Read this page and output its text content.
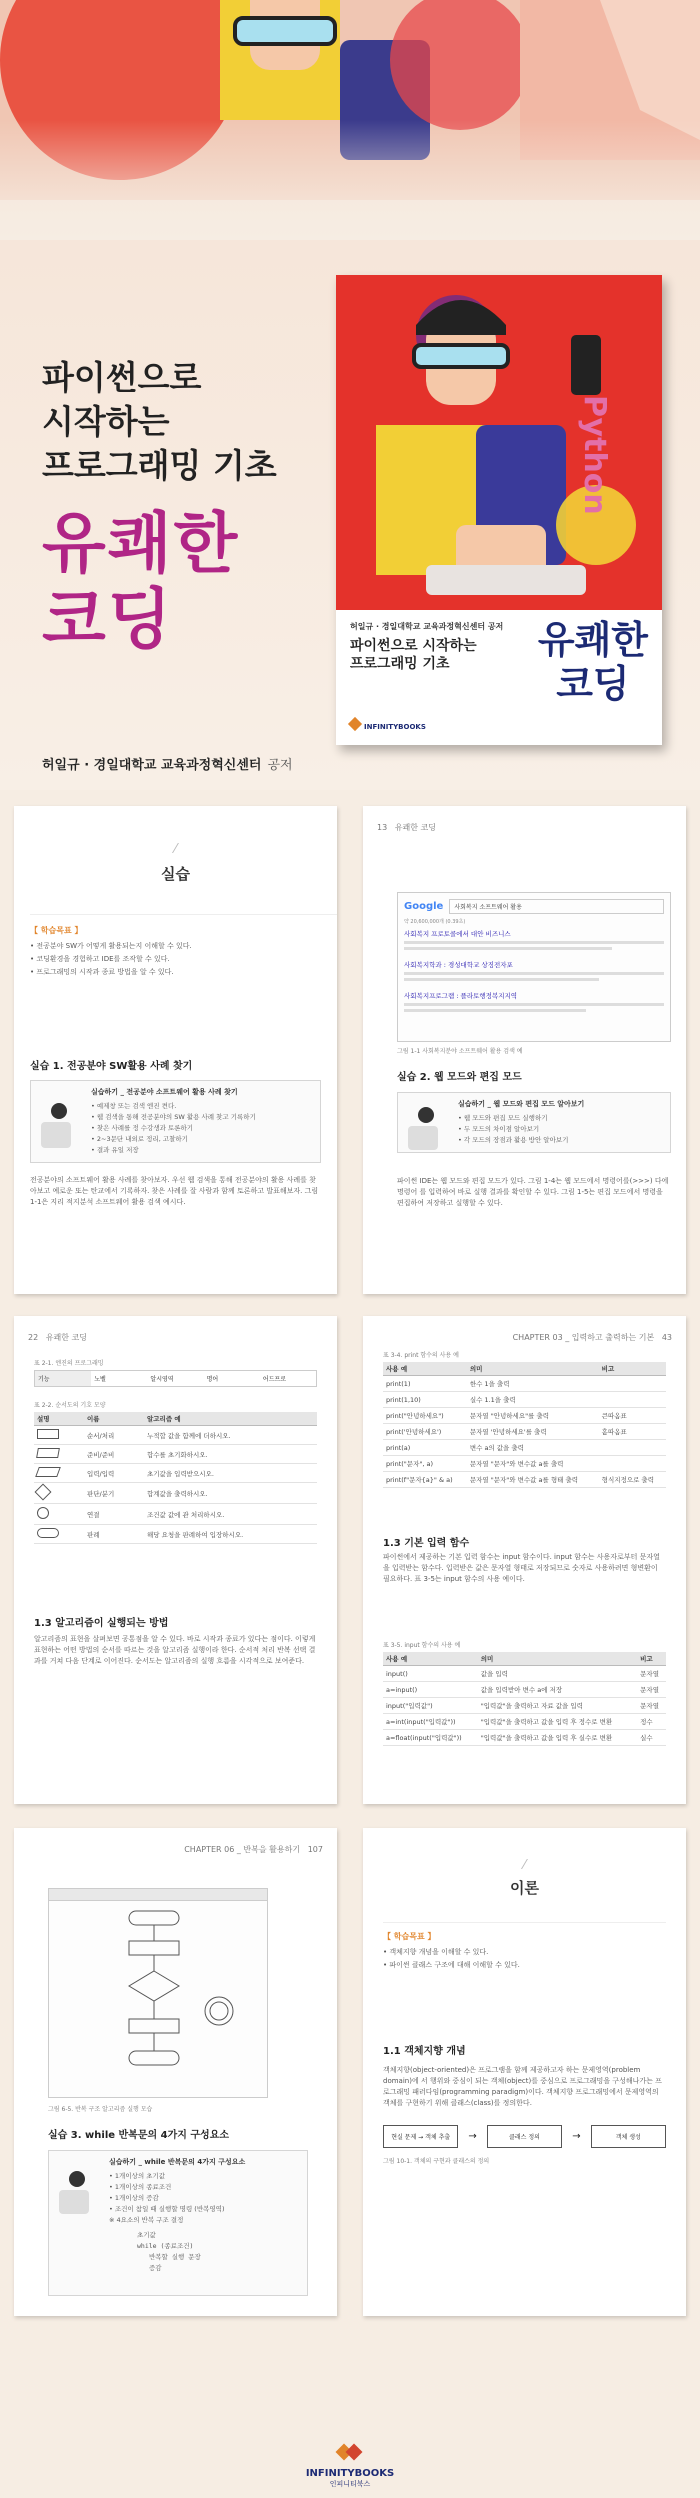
파이썬으로
시작하는
프로그래밍 기초
유쾌한
코딩
허일규 · 경일대학교 교육과정혁신센터 공저
Python
허일규 · 경일대학교 교육과정혁신센터 공저
파이썬으로 시작하는
프로그래밍 기초
유쾌한
코딩
INFINITYBOOKS
⁄
실습
【 학습목표 】
• 전공분야 SW가 어떻게 활용되는지 이해할 수 있다.
• 코딩환경을 경험하고 IDE를 조작할 수 있다.
• 프로그래밍의 시작과 종료 방법을 알 수 있다.
실습 1. 전공분야 SW활용 사례 찾기
실습하기 _ 전공분야 소프트웨어 활용 사례 찾기
• 예제창 또는 검색 엔진 켠다.
• 웹 검색을 통해 전공분야의 SW 활용 사례 찾고 기록하기
• 찾은 사례를 정 수강생과 토론하기
• 2~3문단 내외로 정리, 고찰하기
• 결과 유일 저장
전공분야의 소프트웨어 활용 사례를 찾아보자. 우선 웹 검색을 통해 전공분야의 활용 사례를 찾아보고 예로운 또는 탄교에서 기록하자. 찾은 사례를 잘 사람과 함께 토론하고 발표해보자. 그림 1-1은 지리 적지분석 소프트웨어 활용 검색 예시다.
13 유쾌한 코딩
Google	사회복지 소프트웨어 활용
약 20,600,000개 (0.39초)
사회복지 프로토콜에서 대안 비즈니스
사회복지학과 : 경성대학교 상징전자포
사회복지프로그램 : 플라토행정복지지역
그림 1-1 사회복지분야 소프트웨어 활용 검색 예
실습 2. 웹 모드와 편집 모드
실습하기 _ 웹 모드와 편집 모드 알아보기
• 웹 모드와 편집 모드 실행하기
• 두 모드의 차이점 알아보기
• 각 모드의 장점과 활용 방안 알아보기
파이썬 IDE는 웹 모드와 편집 모드가 있다. 그림 1-4는 웹 모드에서 명령어를(>>>) 다에 명령어 를 입력하여 바로 실행 결과를 확인할 수 있다. 그림 1-5는 편집 모드에서 명령을 편집하여 저장하고 실행할 수 있다.
22 유쾌한 코딩
표 2-1. 엔진의 프로그래밍
기능	노벨	알시영역	명어	어드프로
표 2-2. 순서도의 기호 모양
설명	이름	알고리즘 예
	순서/처리	누적합 값을 함께에 더하시오.
	준비/준비	합수를 초기화하시오.
	입력/입력	초기값을 입력받으시오.
	판단/분기	합계값을 출력하시오.
	연결	조건값 값에 관 처리하시오.
	판례	해당 요청을 판례하여 입장하시오.
1.3 알고리즘이 실행되는 방법
알고리즘의 표현을 살펴보면 공통점을 알 수 있다. 바로 시작과 종료가 있다는 점이다. 이렇게 표현하는 어떤 방법의 순서를 따르는 것을 알고리즘 실행이라 한다. 순서적 처리 반복 선택 결과를 거쳐 다음 단계로 이어진다. 순서도는 알고리즘의 실행 흐름을 시각적으로 보여준다.
CHAPTER 03 _ 입력하고 출력하는 기본 43
표 3-4. print 함수의 사용 예
사용 예	의미	비고
print(1)	한수 1을 출력	
print(1,10)	실수 1.1을 출력	
print("안녕하세요")	문자열 "안녕하세요"를 출력	큰따옴표
print('안녕하세요')	문자열 '안녕하세요'를 출력	홑따옴표
print(a)	변수 a의 값을 출력	
print("문자", a)	문자열 "문자"와 변수값 a를 출력	
print(f"문자{a}" & a)	문자열 "문자"와 변수값 a를 형태 출력	형식지정으로 출력
1.3 기본 입력 함수
파이썬에서 제공하는 기본 입력 함수는 input 함수이다. input 함수는 사용자로부터 문자열을 입력받는 함수다. 입력받은 값은 문자열 형태로 저장되므로 숫자로 사용하려면 형변환이 필요하다. 표 3-5는 input 함수의 사용 예이다.
표 3-5. input 함수의 사용 예
사용 예	의미	비고
input()	값을 입력	문자열
a=input()	값을 입력받아 변수 a에 저장	문자열
input("입력값")	"입력값"을 출력하고 자료 값을 입력	문자열
a=int(input("입력값"))	"입력값"을 출력하고 값을 입력 후 정수로 변환	정수
a=float(input("입력값"))	"입력값"을 출력하고 값을 입력 후 실수로 변환	실수
CHAPTER 06 _ 반복을 활용하기 107
그림 6-5. 반복 구조 알고리즘 실행 모습
실습 3. while 반복문의 4가지 구성요소
실습하기 _ while 반복문의 4가지 구성요소
• 1개이상의 초기값
• 1개이상의 종료조건
• 1개이상의 증감
• 조건이 참일 때 실행할 명령 (반복영역)
※ 4요소의 반복 구조 결정
초기값
while (종료조건)
반복할 실행 문장
증감
⁄
이론
【 학습목표 】
• 객체지향 개념을 이해할 수 있다.
• 파이썬 클래스 구조에 대해 이해할 수 있다.
1.1 객체지향 개념
객체지향(object-oriented)은 프로그램을 함께 제공하고자 하는 문제영역(problem domain)에 서 행위와 중심이 되는 객체(object)를 중심으로 프로그래밍을 구성해나가는 프로그래밍 패러다임(programming paradigm)이다. 객체지향 프로그래밍에서 문제영역의 객체를 구현하기 위해 클래스(class)를 정의한다.
현실 문제 → 객체 추출	→	클래스 정의	→	객체 생성
그림 10-1. 객체의 구현과 클래스의 정의
INFINITYBOOKS
인피니티북스
